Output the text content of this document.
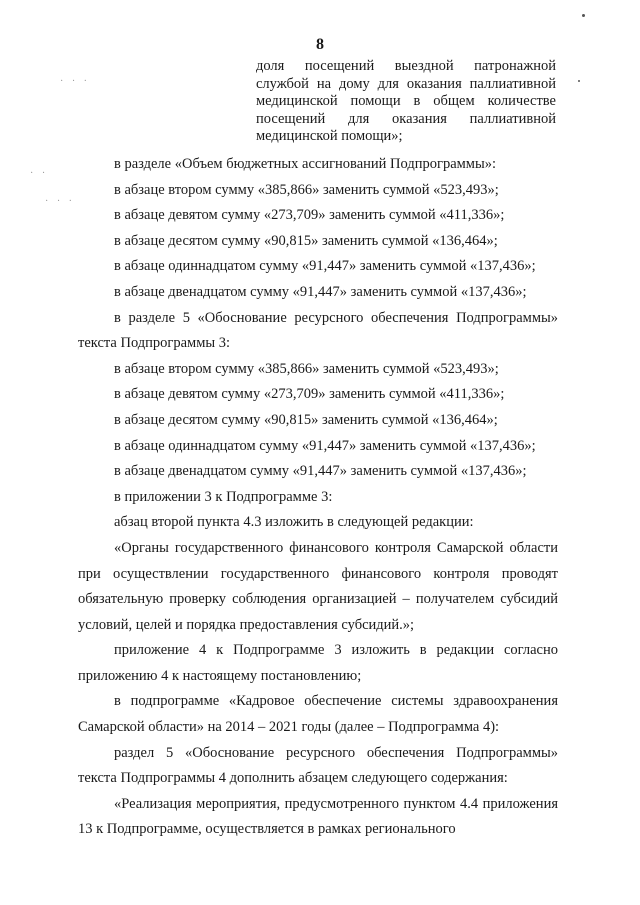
8
доля посещений выездной патронажной службой на дому для оказания паллиативной медицинской помощи в общем количестве посещений для оказания паллиативной медицинской помощи»;

в разделе «Объем бюджетных ассигнований Подпрограммы»:

в абзаце втором сумму «385,866» заменить суммой «523,493»;

в абзаце девятом сумму «273,709» заменить суммой «411,336»;

в абзаце десятом сумму «90,815» заменить суммой «136,464»;

в абзаце одиннадцатом сумму «91,447» заменить суммой «137,436»;

в абзаце двенадцатом сумму «91,447» заменить суммой «137,436»;

в разделе 5 «Обоснование ресурсного обеспечения Подпрограммы» текста Подпрограммы 3:

в абзаце втором сумму «385,866» заменить суммой «523,493»;

в абзаце девятом сумму «273,709» заменить суммой «411,336»;

в абзаце десятом сумму «90,815» заменить суммой «136,464»;

в абзаце одиннадцатом сумму «91,447» заменить суммой «137,436»;

в абзаце двенадцатом сумму «91,447» заменить суммой «137,436»;

в приложении 3 к Подпрограмме 3:

абзац второй пункта 4.3 изложить в следующей редакции:

«Органы государственного финансового контроля Самарской области при осуществлении государственного финансового контроля проводят обязательную проверку соблюдения организацией – получателем субсидий условий, целей и порядка предоставления субсидий.»;

приложение 4 к Подпрограмме 3 изложить в редакции согласно приложению 4 к настоящему постановлению;

в подпрограмме «Кадровое обеспечение системы здравоохранения Самарской области» на 2014 – 2021 годы (далее – Подпрограмма 4):

раздел 5 «Обоснование ресурсного обеспечения Подпрограммы» текста Подпрограммы 4 дополнить абзацем следующего содержания:

«Реализация мероприятия, предусмотренного пунктом 4.4 приложения 13 к Подпрограмме, осуществляется в рамках регионального

· · ·
· ·
· · ·
